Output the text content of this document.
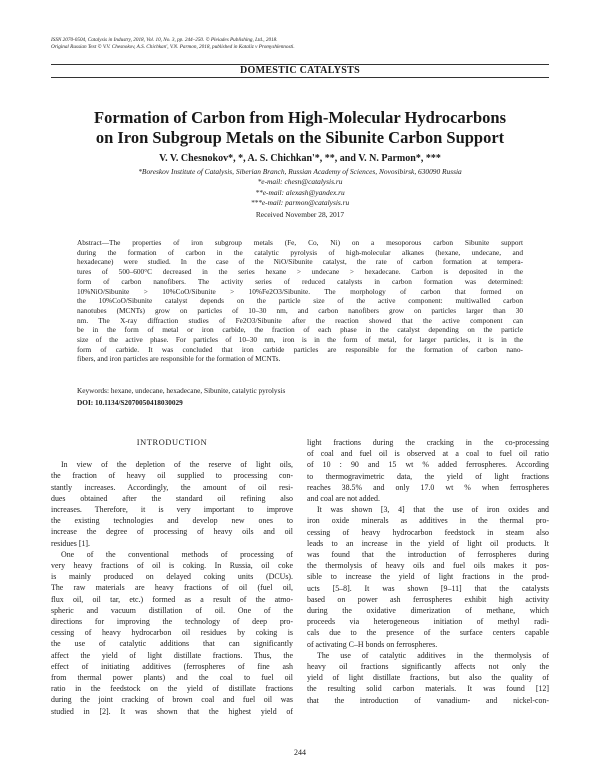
ISSN 2070-0504, Catalysis in Industry, 2018, Vol. 10, No. 3, pp. 244–250. © Pleiades Publishing, Ltd., 2018.
Original Russian Text © V.V. Chesnokov, A.S. Chichkan', V.N. Parmon, 2018, published in Kataliz v Promyshlennosti.
DOMESTIC CATALYSTS
Formation of Carbon from High-Molecular Hydrocarbons
on Iron Subgroup Metals on the Sibunite Carbon Support
V. V. Chesnokov*, *, A. S. Chichkan'*, **, and V. N. Parmon*, ***
*Boreskov Institute of Catalysis, Siberian Branch, Russian Academy of Sciences, Novosibirsk, 630090 Russia
*e-mail: chesn@catalysis.ru
**e-mail: alexash@yandex.ru
***e-mail: parmon@catalysis.ru
Received November 28, 2017
Abstract—The properties of iron subgroup metals (Fe, Co, Ni) on a mesoporous carbon Sibunite support
during the formation of carbon in the catalytic pyrolysis of high-molecular alkanes (hexane, undecane, and
hexadecane) were studied. In the case of the NiO/Sibunite catalyst, the rate of carbon formation at tempera-
tures of 500–600°C decreased in the series hexane > undecane > hexadecane. Carbon is deposited in the
form of carbon nanofibers. The activity series of reduced catalysts in carbon formation was determined:
10%NiO/Sibunite > 10%CoO/Sibunite > 10%Fe2O3/Sibunite. The morphology of carbon that formed on
the 10%CoO/Sibunite catalyst depends on the particle size of the active component: multiwalled carbon
nanotubes (MCNTs) grow on particles of 10–30 nm, and carbon nanofibers grow on particles larger than 30
nm. The X-ray diffraction studies of Fe2O3/Sibunite after the reaction showed that the active component can
be in the form of metal or iron carbide, the fraction of each phase in the catalyst depending on the particle
size of the active phase. For particles of 10–30 nm, iron is in the form of metal, for larger particles, it is in the
form of carbide. It was concluded that iron carbide particles are responsible for the formation of carbon nano-
fibers, and iron particles are responsible for the formation of MCNTs.
Keywords: hexane, undecane, hexadecane, Sibunite, catalytic pyrolysis
DOI: 10.1134/S2070050418030029
INTRODUCTION
In view of the depletion of the reserve of light oils,
the fraction of heavy oil supplied to processing con-
stantly increases. Accordingly, the amount of oil resi-
dues obtained after the standard oil refining also
increases. Therefore, it is very important to improve
the existing technologies and develop new ones to
increase the degree of processing of heavy oils and oil
residues [1].
One of the conventional methods of processing of
very heavy fractions of oil is coking. In Russia, oil coke
is mainly produced on delayed coking units (DCUs).
The raw materials are heavy fractions of oil (fuel oil,
flux oil, oil tar, etc.) formed as a result of the atmo-
spheric and vacuum distillation of oil. One of the
directions for improving the technology of deep pro-
cessing of heavy hydrocarbon oil residues by coking is
the use of catalytic additions that can significantly
affect the yield of light distillate fractions. Thus, the
effect of initiating additives (ferrospheres of fine ash
from thermal power plants) and the coal to fuel oil
ratio in the feedstock on the yield of distillate fractions
during the joint cracking of brown coal and fuel oil was
studied in [2]. It was shown that the highest yield of
light fractions during the cracking in the co-processing
of coal and fuel oil is observed at a coal to fuel oil ratio
of 10 : 90 and 15 wt % added ferrospheres. According
to thermogravimetric data, the yield of light fractions
reaches 38.5% and only 17.0 wt % when ferrospheres
and coal are not added.
It was shown [3, 4] that the use of iron oxides and
iron oxide minerals as additives in the thermal pro-
cessing of heavy hydrocarbon feedstock in steam also
leads to an increase in the yield of light oil products. It
was found that the introduction of ferrospheres during
the thermolysis of heavy oils and fuel oils makes it pos-
sible to increase the yield of light fractions in the prod-
ucts [5–8]. It was shown [9–11] that the catalysts
based on power ash ferrospheres exhibit high activity
during the oxidative dimerization of methane, which
proceeds via heterogeneous initiation of methyl radi-
cals due to the presence of the surface centers capable
of activating C–H bonds on ferrospheres.
The use of catalytic additives in the thermolysis of
heavy oil fractions significantly affects not only the
yield of light distillate fractions, but also the quality of
the resulting solid carbon materials. It was found [12]
that the introduction of vanadium- and nickel-con-
244
